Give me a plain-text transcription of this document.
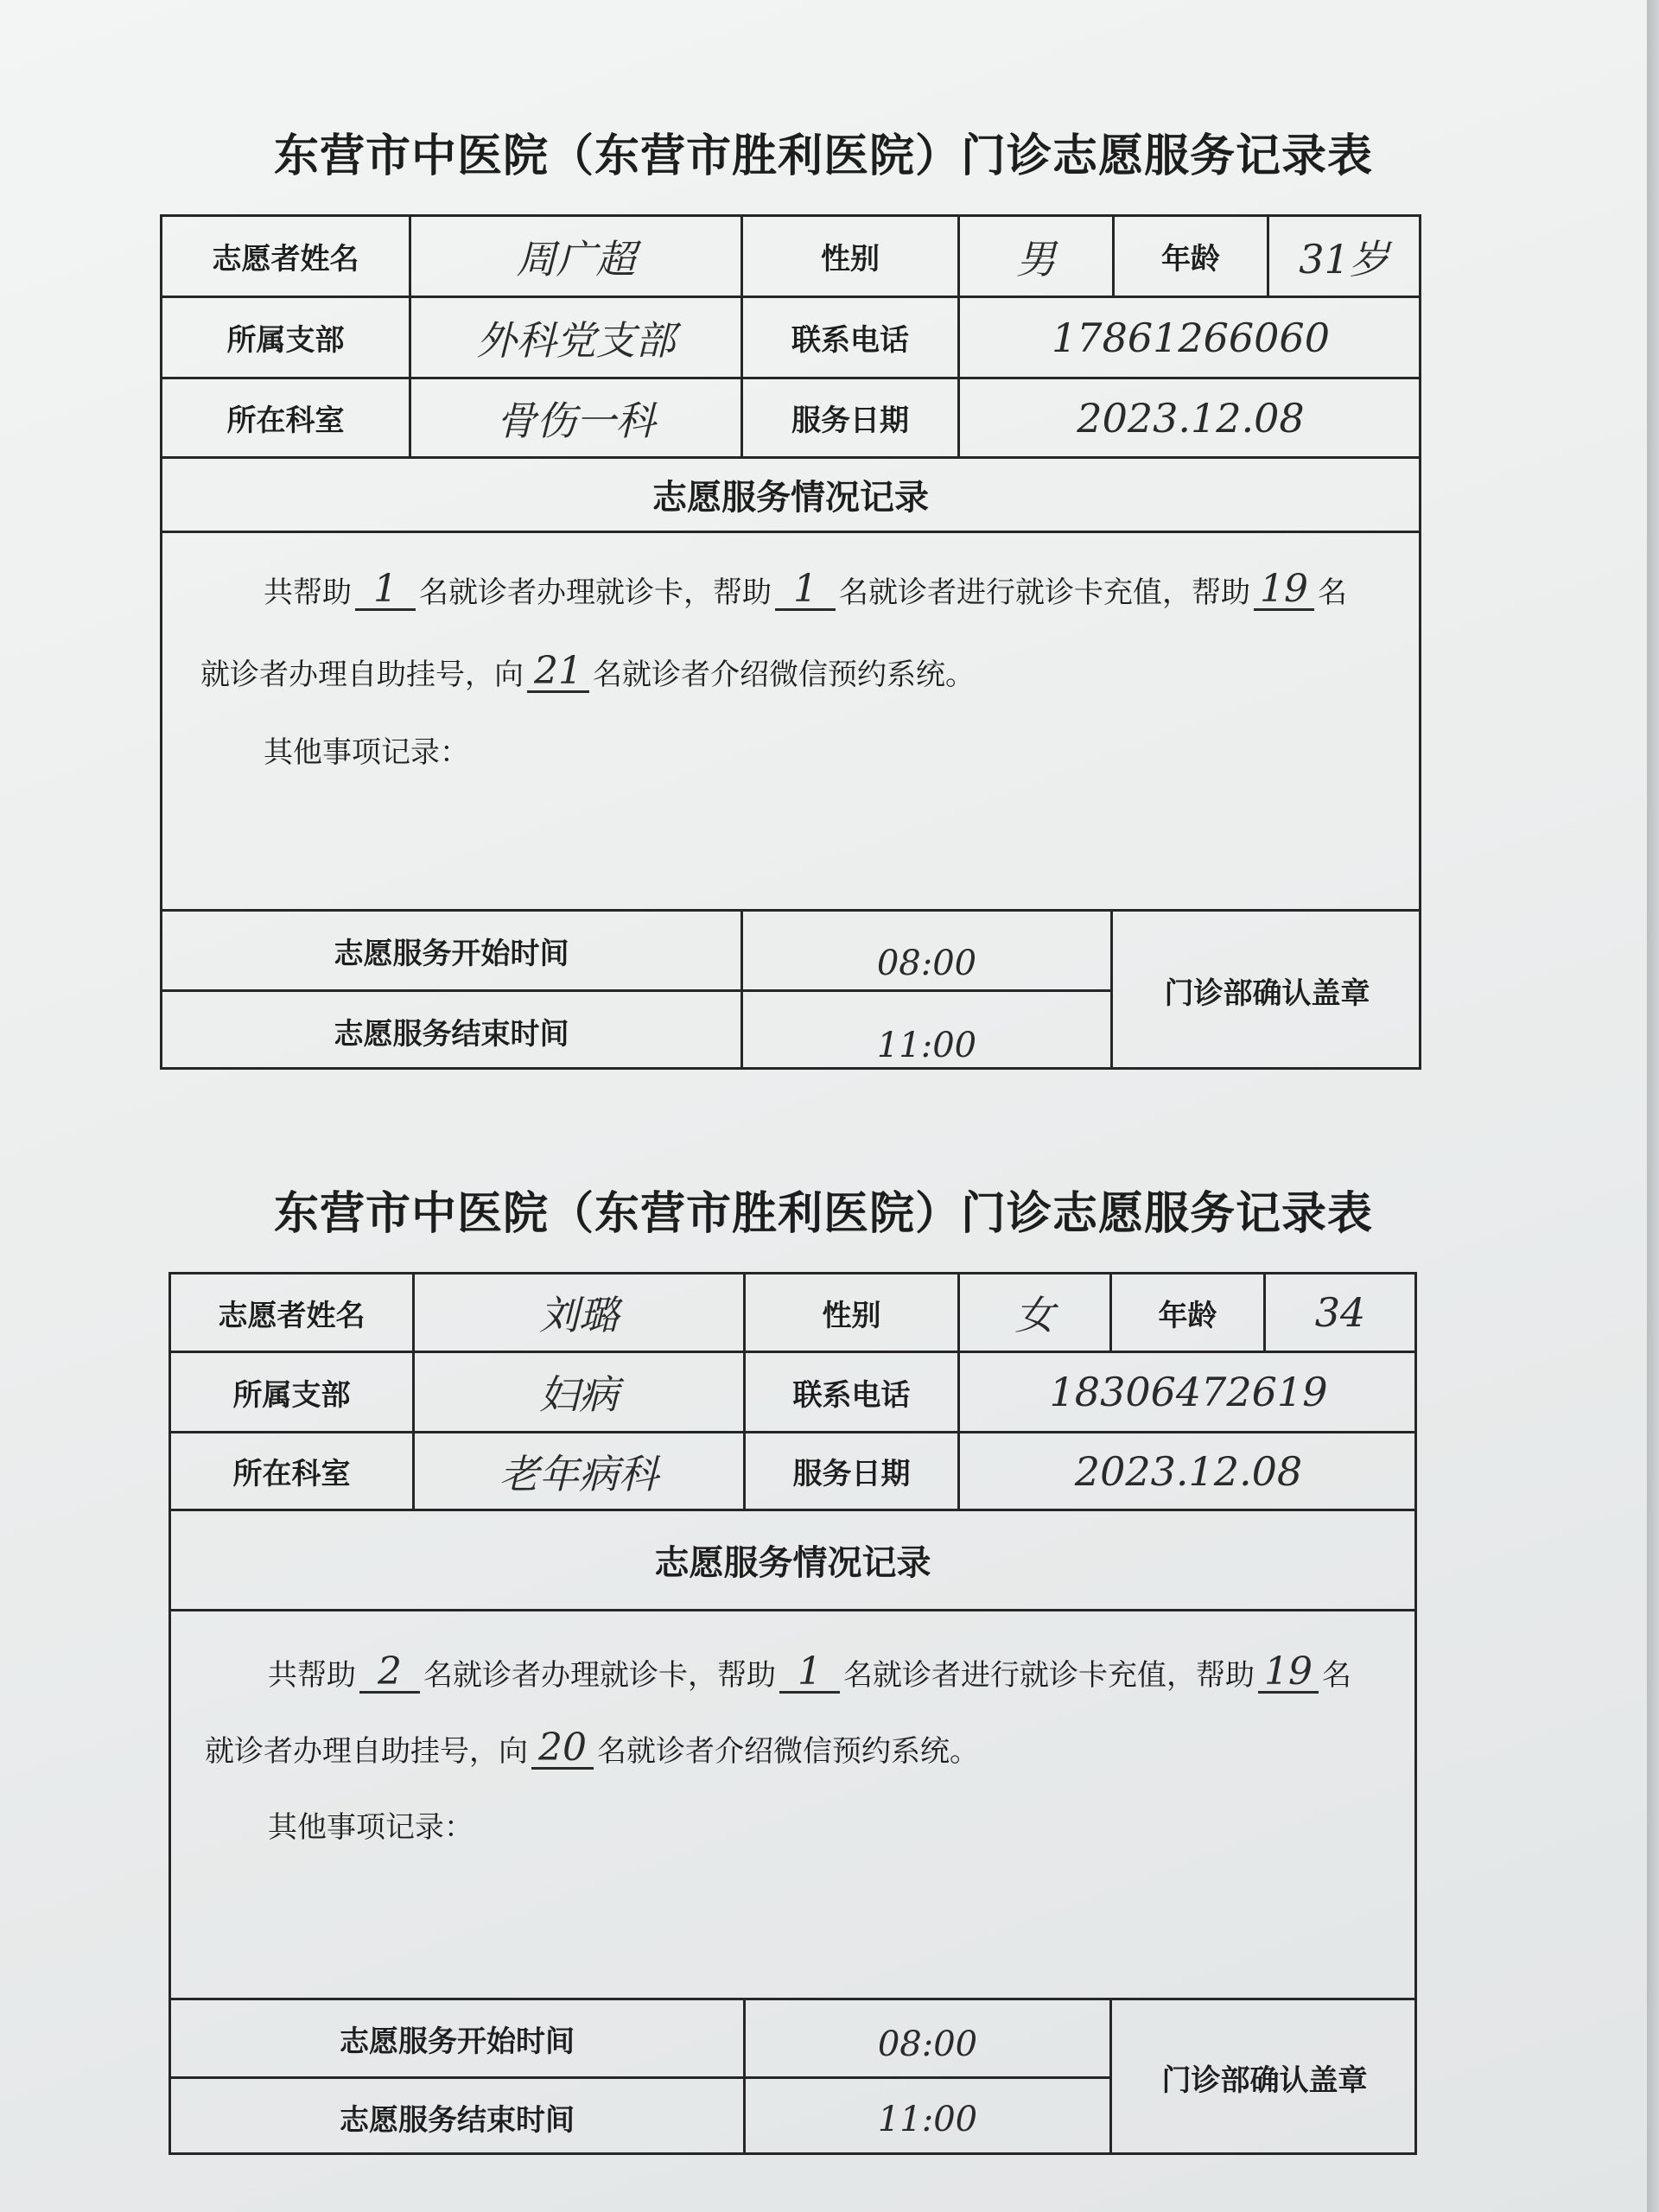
东营市中医院（东营市胜利医院）门诊志愿服务记录表
志愿者姓名	周广超	性别	男	年龄	31岁
所属支部	外科党支部	联系电话	17861266060
所在科室	骨伤一科	服务日期	2023.12.08
志愿服务情况记录
共帮助 1 名就诊者办理就诊卡，帮助 1 名就诊者进行就诊卡充值，帮助 19 名
就诊者办理自助挂号，向 21 名就诊者介绍微信预约系统。
其他事项记录：
志愿服务开始时间	08:00
志愿服务结束时间	11:00
门诊部确认盖章
东营市中医院（东营市胜利医院）门诊志愿服务记录表
志愿者姓名	刘璐	性别	女	年龄	34
所属支部	妇病	联系电话	18306472619
所在科室	老年病科	服务日期	2023.12.08
志愿服务情况记录
共帮助 2 名就诊者办理就诊卡，帮助 1 名就诊者进行就诊卡充值，帮助 19 名
就诊者办理自助挂号，向 20 名就诊者介绍微信预约系统。
其他事项记录：
志愿服务开始时间	08:00
志愿服务结束时间	11:00
门诊部确认盖章
